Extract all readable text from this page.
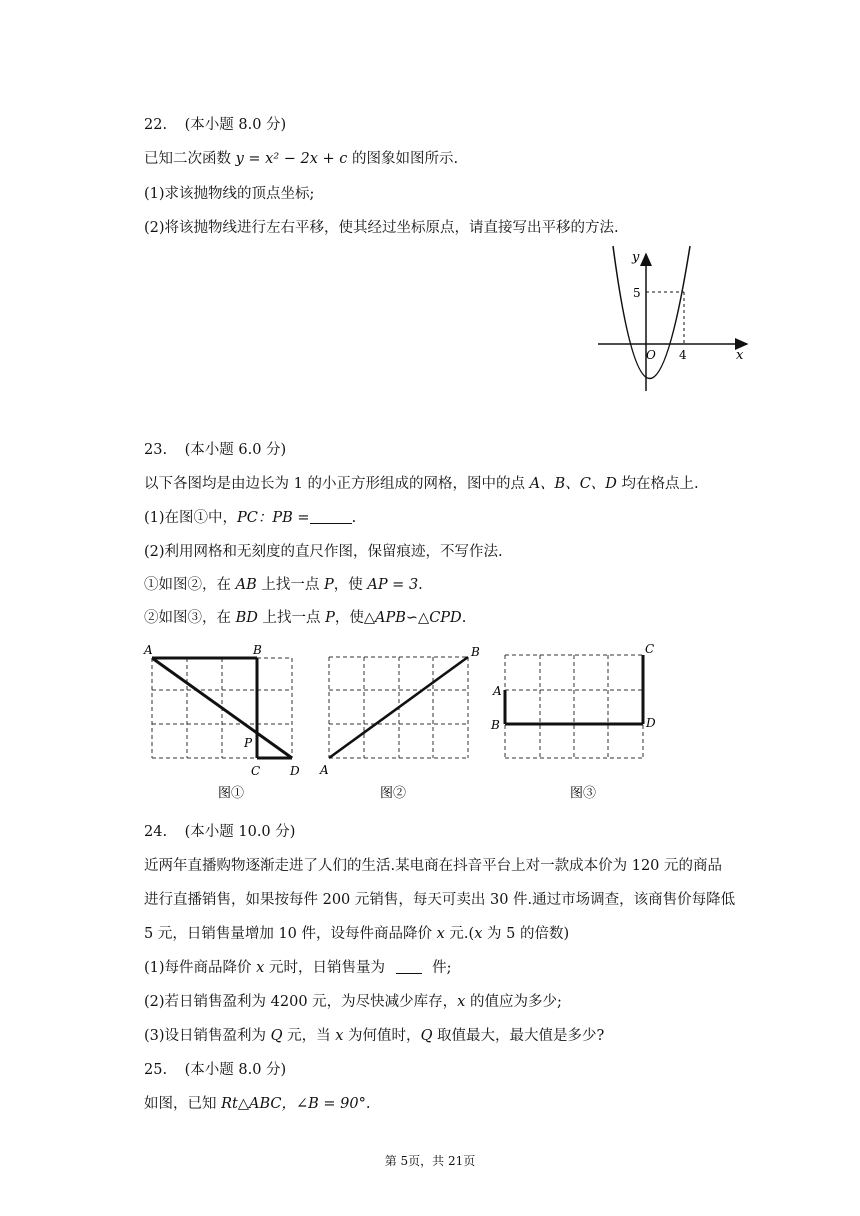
22. (本小题 8.0 分)
已知二次函数 y = x² − 2x + c 的图象如图所示.
(1)求该抛物线的顶点坐标;
(2)将该抛物线进行左右平移，使其经过坐标原点，请直接写出平移的方法.
y
x
O
5
4
23. (本小题 6.0 分)
以下各图均是由边长为 1 的小正方形组成的网格，图中的点 A、B、C、D 均在格点上.
(1)在图①中，PC：PB =	.
(2)利用网格和无刻度的直尺作图，保留痕迹，不写作法.
①如图②，在 AB 上找一点 P，使 AP = 3.
②如图③，在 BD 上找一点 P，使△APB∽△CPD.
A	B
P
C D
图①
A
B
图②
A
B
C
D
图③
24. (本小题 10.0 分)
近两年直播购物逐渐走进了人们的生活.某电商在抖音平台上对一款成本价为 120 元的商品
进行直播销售，如果按每件 200 元销售，每天可卖出 30 件.通过市场调查，该商售价每降低
5 元，日销售量增加 10 件，设每件商品降价 x 元.(x 为 5 的倍数)
(1)每件商品降价 x 元时，日销售量为	件;
(2)若日销售盈利为 4200 元，为尽快减少库存，x 的值应为多少;
(3)设日销售盈利为 Q 元，当 x 为何值时，Q 取值最大，最大值是多少?
25. (本小题 8.0 分)
如图，已知 Rt△ABC，∠B = 90°.
第 5页，共 21页
